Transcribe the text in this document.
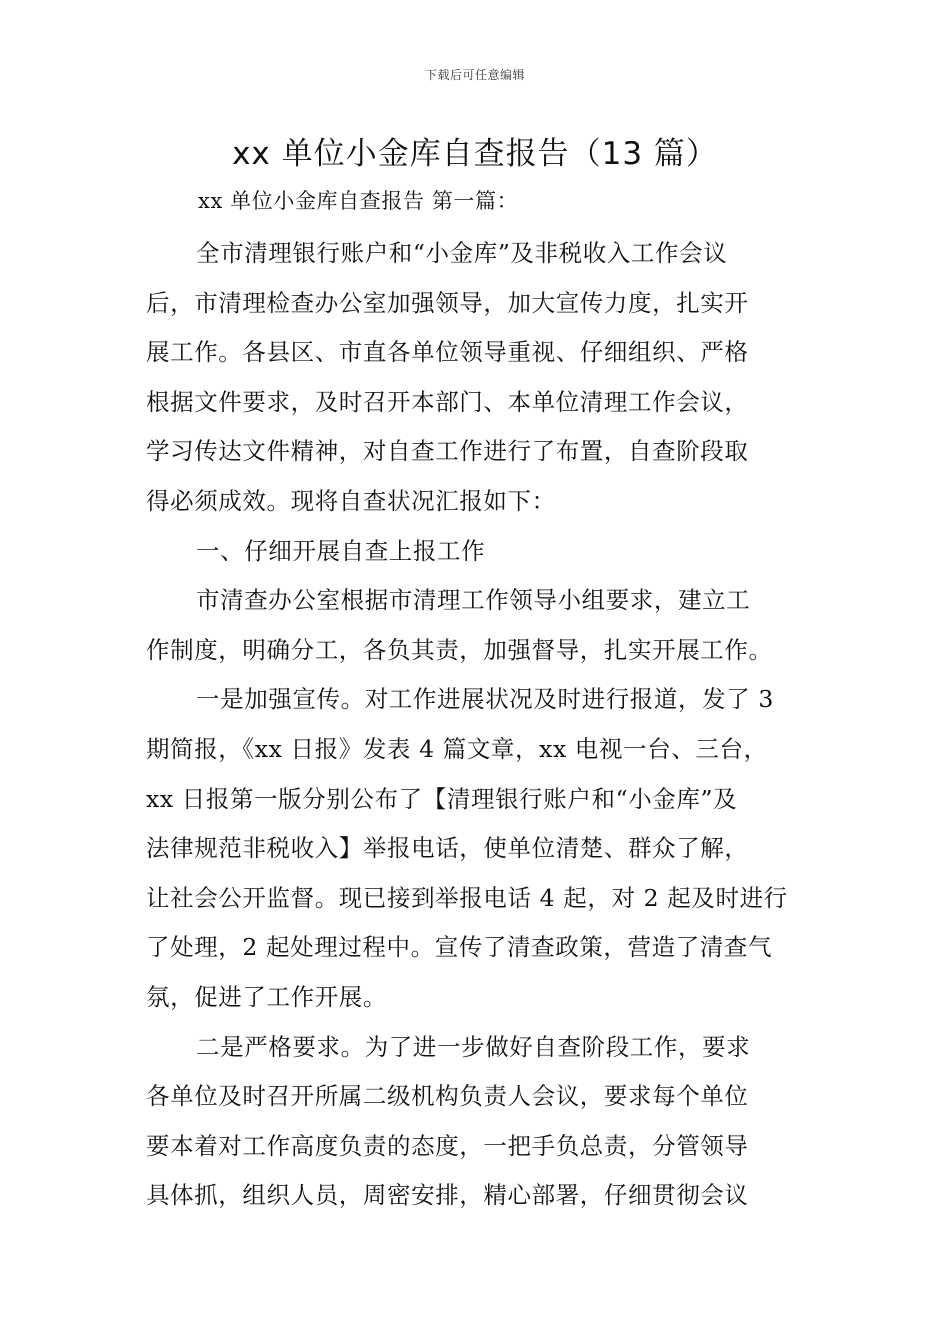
下载后可任意编辑
xx 单位小金库自查报告（13 篇）
xx 单位小金库自查报告 第一篇：
全市清理银行账户和“小金库”及非税收入工作会议
后，市清理检查办公室加强领导，加大宣传力度，扎实开
展工作。各县区、市直各单位领导重视、仔细组织、严格
根据文件要求，及时召开本部门、本单位清理工作会议，
学习传达文件精神，对自查工作进行了布置，自查阶段取
得必须成效。现将自查状况汇报如下：
一、仔细开展自查上报工作
市清查办公室根据市清理工作领导小组要求，建立工
作制度，明确分工，各负其责，加强督导，扎实开展工作。
一是加强宣传。对工作进展状况及时进行报道，发了 3
期简报，《xx 日报》发表 4 篇文章，xx 电视一台、三台，
xx 日报第一版分别公布了【清理银行账户和“小金库”及
法律规范非税收入】举报电话，使单位清楚、群众了解，
让社会公开监督。现已接到举报电话 4 起，对 2 起及时进行
了处理，2 起处理过程中。宣传了清查政策，营造了清查气
氛，促进了工作开展。
二是严格要求。为了进一步做好自查阶段工作，要求
各单位及时召开所属二级机构负责人会议，要求每个单位
要本着对工作高度负责的态度，一把手负总责，分管领导
具体抓，组织人员，周密安排，精心部署，仔细贯彻会议
